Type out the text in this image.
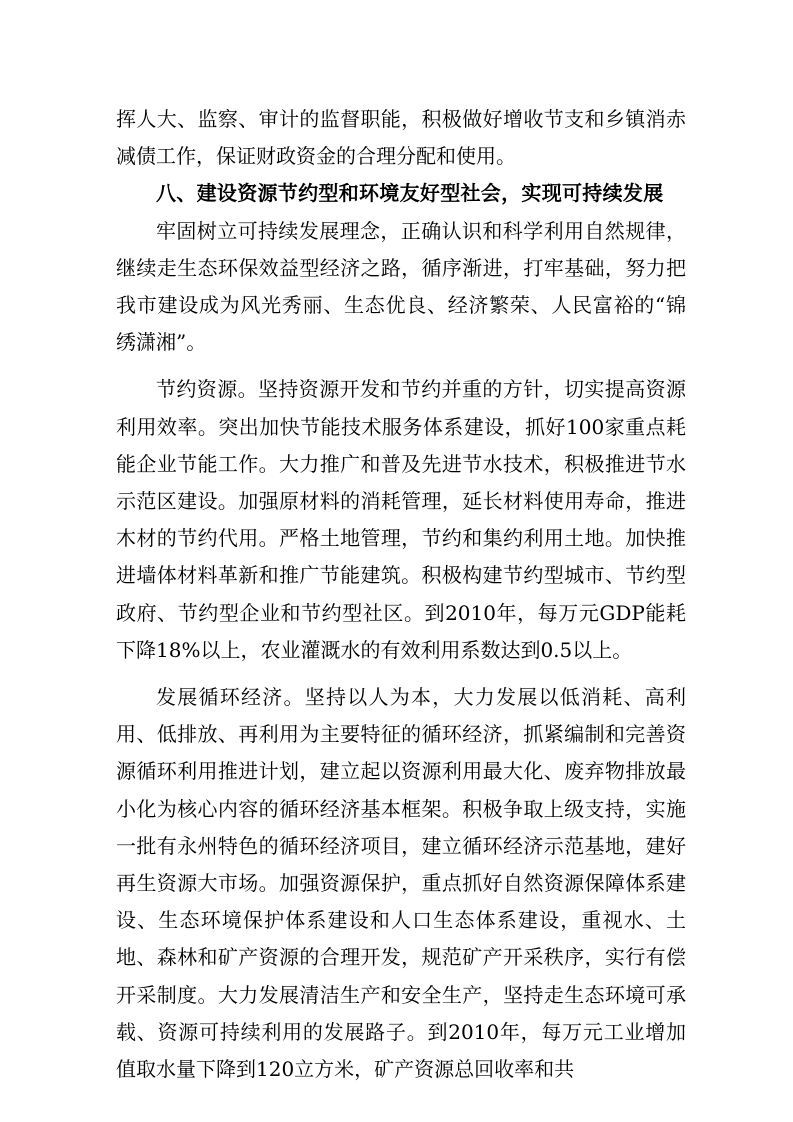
挥人大、监察、审计的监督职能，积极做好增收节支和乡镇消赤减债工作，保证财政资金的合理分配和使用。

八、建设资源节约型和环境友好型社会，实现可持续发展

牢固树立可持续发展理念，正确认识和科学利用自然规律，继续走生态环保效益型经济之路，循序渐进，打牢基础，努力把我市建设成为风光秀丽、生态优良、经济繁荣、人民富裕的“锦绣潇湘”。

节约资源。坚持资源开发和节约并重的方针，切实提高资源利用效率。突出加快节能技术服务体系建设，抓好100家重点耗能企业节能工作。大力推广和普及先进节水技术，积极推进节水示范区建设。加强原材料的消耗管理，延长材料使用寿命，推进木材的节约代用。严格土地管理，节约和集约利用土地。加快推进墙体材料革新和推广节能建筑。积极构建节约型城市、节约型政府、节约型企业和节约型社区。到2010年，每万元GDP能耗下降18%以上，农业灌溉水的有效利用系数达到0.5以上。

发展循环经济。坚持以人为本，大力发展以低消耗、高利用、低排放、再利用为主要特征的循环经济，抓紧编制和完善资源循环利用推进计划，建立起以资源利用最大化、废弃物排放最小化为核心内容的循环经济基本框架。积极争取上级支持，实施一批有永州特色的循环经济项目，建立循环经济示范基地，建好再生资源大市场。加强资源保护，重点抓好自然资源保障体系建设、生态环境保护体系建设和人口生态体系建设，重视水、土地、森林和矿产资源的合理开发，规范矿产开采秩序，实行有偿开采制度。大力发展清洁生产和安全生产，坚持走生态环境可承载、资源可持续利用的发展路子。到2010年，每万元工业增加值取水量下降到120立方米，矿产资源总回收率和共
